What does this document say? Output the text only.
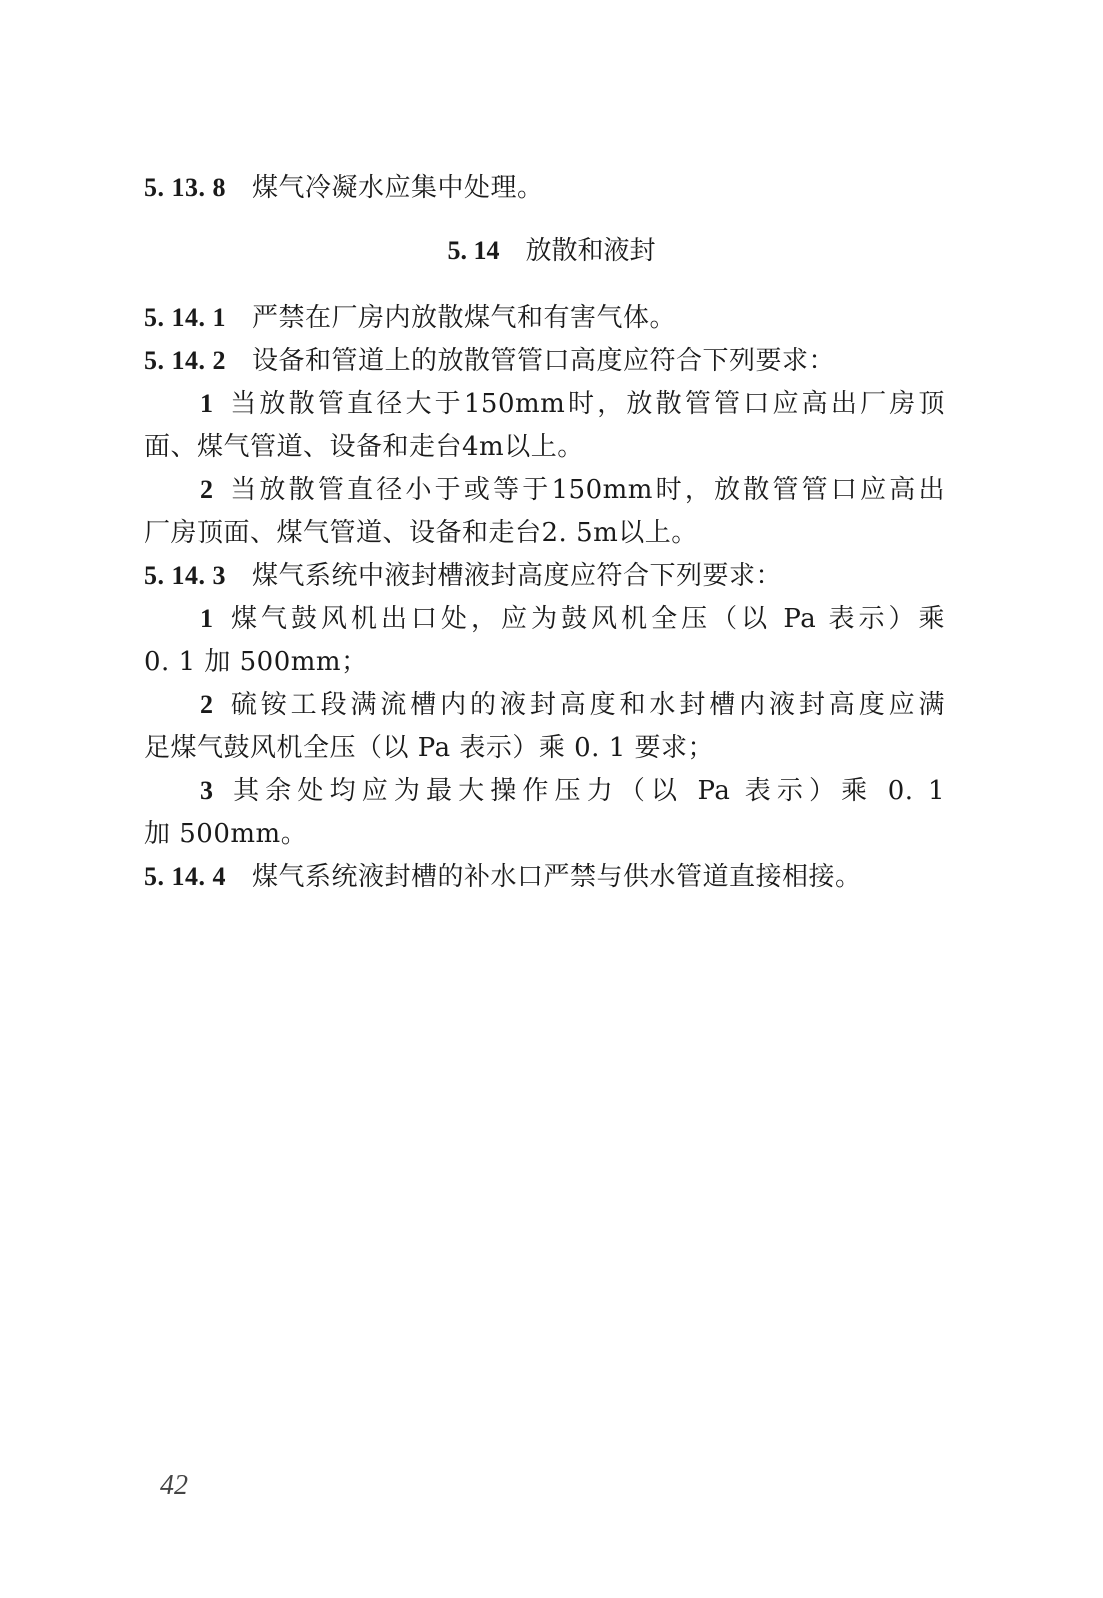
5. 13. 8 煤气冷凝水应集中处理。
5. 14 放散和液封
5. 14. 1 严禁在厂房内放散煤气和有害气体。
5. 14. 2 设备和管道上的放散管管口高度应符合下列要求：
1 当放散管直径大于150mm时，放散管管口应高出厂房顶
面、煤气管道、设备和走台4m以上。
2 当放散管直径小于或等于150mm时，放散管管口应高出
厂房顶面、煤气管道、设备和走台2. 5m以上。
5. 14. 3 煤气系统中液封槽液封高度应符合下列要求：
1 煤气鼓风机出口处，应为鼓风机全压（以 Pa 表示）乘
0. 1 加 500mm；
2 硫铵工段满流槽内的液封高度和水封槽内液封高度应满
足煤气鼓风机全压（以 Pa 表示）乘 0. 1 要求；
3 其余处均应为最大操作压力（以 Pa 表示）乘 0. 1
加 500mm。
5. 14. 4 煤气系统液封槽的补水口严禁与供水管道直接相接。
42
